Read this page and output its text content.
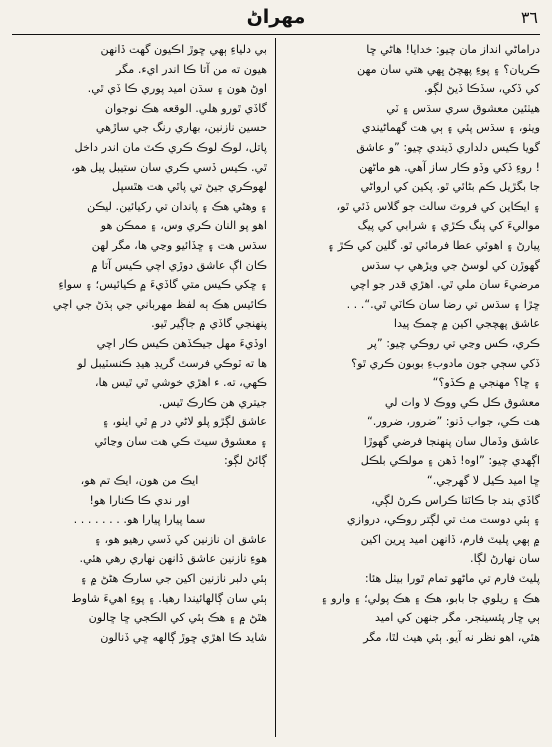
مهراڻ	٣٦

دراماڻي انداز مان چيو: خدايا! هاڻي ڇا

ڪريان؟ ۽ پوءِ پهچڻ ڀهي هتي سان مهن

کي ڏکي، سڏڪا ڏيڻ لڳو.

هيٺئين معشوق سري سڌس ۽ ٽي

ويٺو، ۽ سڌس پئي ۽ ٻي هت گهماڻيندي

گويا ڪيس دلداري ڏيندي چيو: ”و عاشق

! روءِ ڏکي وڏو ڪار ساز آهي. هو ماڻهن

جا بگڙيل ڪم بڻائي ٿو. پکين کي ارواڻي

۽ ايڪاين کي فروٽ سالت جو گلاس ڏئي ٿو،

مواليءَ کي پنگ ڪڙي ۽ شرابي کي پيگ

پيارڻ ۽ اهوئي عطا فرمائي ٿو. گلين کي ڪڙ ۽

گهوڙن کي لوسڻ جي ويڙهي پ سڌس

مرضيءَ سان ملي ٿي. اهڙي قدر جو اچي

ڇڙا ۽ سڌس تي رضا سان ڪاٽي ٿي.“. . .

عاشق پهچجي اکين ۾ چمڪ پيدا

ڪري، ڪس وڃي تي روڪي چيو: ”پر

ڏکي سڄي جون مادوبءِ بوبون ڪري ٿو؟

۽ ڇا؟ مهنجي ۾ ڪڏو؟“

معشوق ڪل ڪي ووڪ لا وات لي

هت ڪي، جواب ڏنو: ”ضرور، ضرور.“

عاشق وڏمال سان پنهنجا فرضي گهوڙا

اڳهدي چيو: ”اوه! ڏهن ۽ مولڪي بلڪل

ڇا اميد ڪيل لا گهرجي.“

گاڏي بند جا ڪاٽتا ڪراس ڪرڻ لڳي،

۽ ٻئي دوست مٺ تي لڳتر روڪي، دروازي

۾ ٻهي پليٽ فارم، ڏانهن اميد ڀرين اکين

سان نهارڻ لڳا.

پليٽ فارم تي ماڻهو تمام ٿورا بيٺل هئا:

هڪ ۽ ريلوي جا بابو، هڪ ۽ هڪ پولي؛ ۽ وارو ۽

ٻي ڇار پئسينجر. مگر جنهن کي اميد

هئي، اهو نظر نه آيو. ٻئي هيٺ لٿا، مگر

بي دلياءِ ٻهي ڇوڙ اڪيون گهت ڏانهن

هيون ته من آتا ڪا اندر ايء. مگر

اوڻ هون ۽ سڌن اميد پوري ڪا ڏي ٿي.

گاڏي ٿورو هلي. الوقعه هڪ نوجوان

حسين نازنين، بهاري رنگ جي ساڙهي

پاتل، لوڪ لوڪ ڪري ڪٽ مان اندر داخل

ٿي. ڪيس ڏسي ڪري سان ستيبل پيل هو،

لهوڪري جيڻ تي پاٿي هت هٿسپل

۽ وهڻي هڪ ۽ پاندان تي رکيائين. ليڪن

اهو پو النان ڪري وس، ۽ ممڪن هو

سڌس هت ۽ ڇڏائيو وڃي ها، مگر لهن

ڪان اڳ عاشق دوڙي اچي ڪيس آتا ۾

۽ ڇکي ڪيس متي گاڏيءَ ۾ ڪيائيس؛ ۽ سواءِ

ڪائيس هڪ ٻه لفظ مهرباني جي ٻڌڻ جي اچي

پنهنجي گاڏي ۾ جاڳير ٿيو.

اوڏيءَ مهل جيڪڏهن ڪيس ڪار اچي

ها ته ٽوڪي فرسٽ گريڊ هيڊ ڪنسٽيبل لو

ڪهي، ته. ء اهڙي خوشي ٿي ٿيس ها،

جيتري هن ڪارڪ ٿيس.

عاشق لڳڙو پلو لاڻي در ۾ ٿي ايٺو، ۽

۽ معشوق سيٽ ڪي هت سان وڃائي

ڳائڻ لڳو:

ايڪ من هون، ايڪ تم هو،

اور ندي ڪا ڪنارا هو!

سما پيارا پيارا هو. . . . . . . .

عاشق ان نازنين کي ڏسي رهيو هو، ۽

هوءِ نازنين عاشق ڏانهن نهاري رهي هئي.

ٻئي دلبر نازنين اکين جي سارڪ هڻڻ ۾ ۽

ٻئي سان ڳالهائيندا رهيا. ۽ پوءِ اهيءَ شاوط

هٿڻ ۾ ۽ هڪ ٻئي کي الڪجي ڇا ڇالون

شايد ڪا اهڙي ڇوڙ ڳالهه ڇي ڏنالون
